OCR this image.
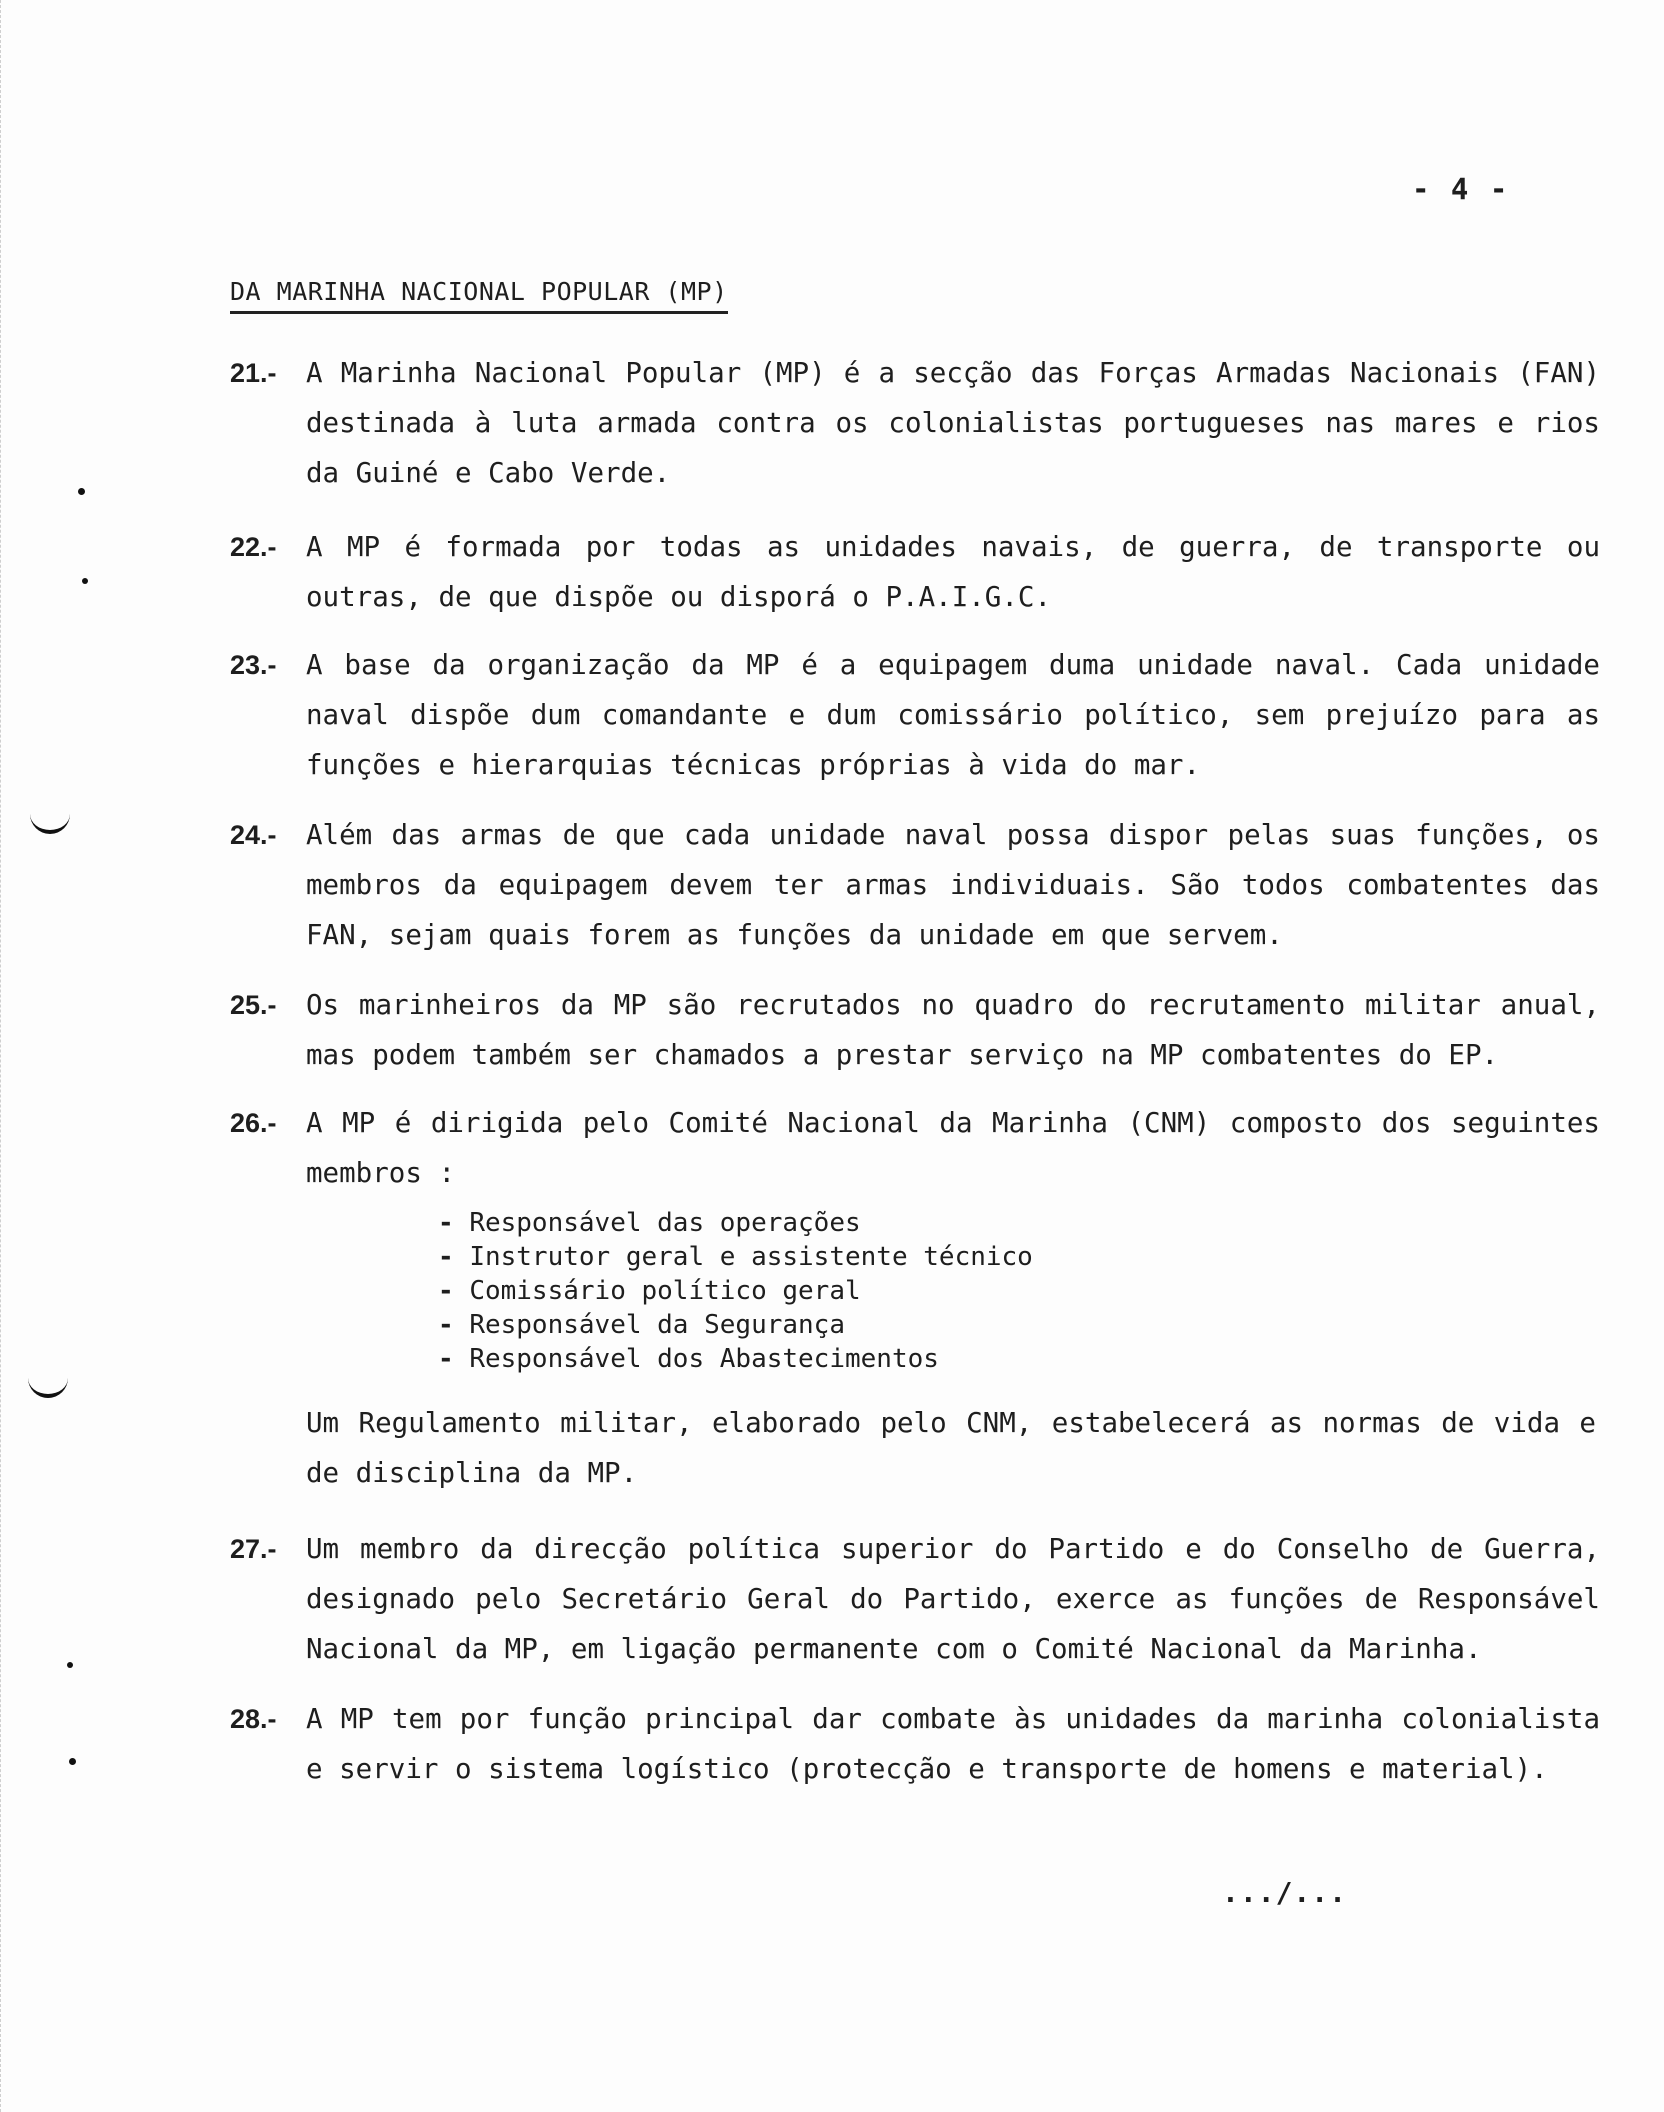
- 4 -
DA MARINHA NACIONAL POPULAR (MP)
21.-	A Marinha Nacional Popular (MP) é a secção das Forças Armadas Nacionais (FAN) destinada à luta armada contra os colonialistas portugueses nas mares e rios da Guiné e Cabo Verde.
22.-	A MP é formada por todas as unidades navais, de guerra, de transporte ou outras, de que dispõe ou disporá o P.A.I.G.C.
23.-	A base da organização da MP é a equipagem duma unidade naval. Cada unidade naval dispõe dum comandante e dum comissário político, sem prejuízo para as funções e hierarquias técnicas próprias à vida do mar.
24.-	Além das armas de que cada unidade naval possa dispor pelas suas funções, os membros da equipagem devem ter armas individuais. São todos combatentes das FAN, sejam quais forem as funções da unidade em que servem.
25.-	Os marinheiros da MP são recrutados no quadro do recrutamento militar anual, mas podem também ser chamados a prestar serviço na MP combatentes do EP.
26.-	A MP é dirigida pelo Comité Nacional da Marinha (CNM) composto dos seguintes membros :
- Responsável das operações
- Instrutor geral e assistente técnico
- Comissário político geral
- Responsável da Segurança
- Responsável dos Abastecimentos
Um Regulamento militar, elaborado pelo CNM, estabelecerá as normas de vida e de disciplina da MP.
27.-	Um membro da direcção política superior do Partido e do Conselho de Guerra, designado pelo Secretário Geral do Partido, exerce as funções de Responsável Nacional da MP, em ligação permanente com o Comité Nacional da Marinha.
28.-	A MP tem por função principal dar combate às unidades da marinha colonialista e servir o sistema logístico (protecção e transporte de homens e material).
.../...
